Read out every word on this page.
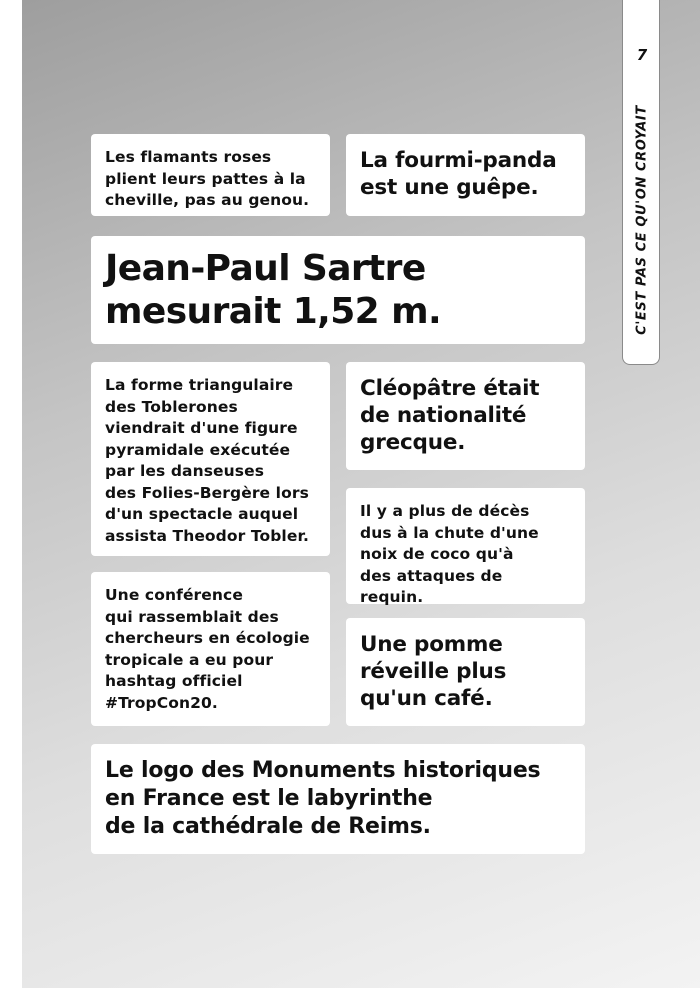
7
C'EST PAS CE QU'ON CROYAIT
Les flamants roses
plient leurs pattes à la
cheville, pas au genou.
La fourmi-panda
est une guêpe.
Jean-Paul Sartre
mesurait 1,52 m.
La forme triangulaire
des Toblerones
viendrait d'une figure
pyramidale exécutée
par les danseuses
des Folies-Bergère lors
d'un spectacle auquel
assista Theodor Tobler.
Cléopâtre était
de nationalité
grecque.
Il y a plus de décès
dus à la chute d'une
noix de coco qu'à
des attaques de requin.
Une conférence
qui rassemblait des
chercheurs en écologie
tropicale a eu pour
hashtag officiel
#TropCon20.
Une pomme
réveille plus
qu'un café.
Le logo des Monuments historiques
en France est le labyrinthe
de la cathédrale de Reims.
